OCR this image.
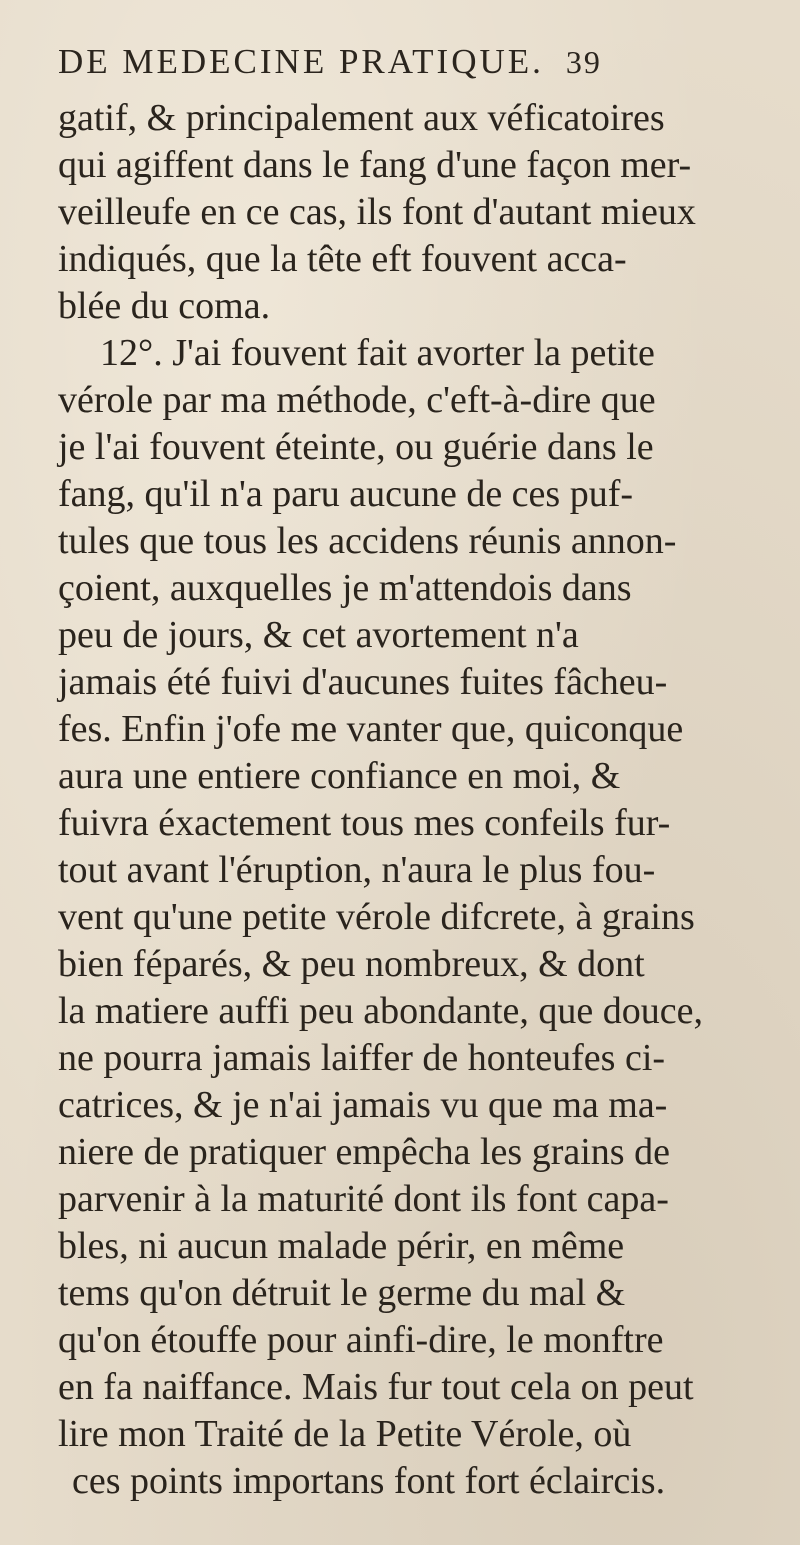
DE MEDECINE PRATIQUE. 39
gatif, & principalement aux véficatoires
qui agiffent dans le fang d'une façon mer-
veilleufe en ce cas, ils font d'autant mieux
indiqués, que la tête eft fouvent acca-
blée du coma.
12°. J'ai fouvent fait avorter la petite
vérole par ma méthode, c'eft-à-dire que
je l'ai fouvent éteinte, ou guérie dans le
fang, qu'il n'a paru aucune de ces puf-
tules que tous les accidens réunis annon-
çoient, auxquelles je m'attendois dans
peu de jours, & cet avortement n'a
jamais été fuivi d'aucunes fuites fâcheu-
fes. Enfin j'ofe me vanter que, quiconque
aura une entiere confiance en moi, &
fuivra éxactement tous mes confeils fur-
tout avant l'éruption, n'aura le plus fou-
vent qu'une petite vérole difcrete, à grains
bien féparés, & peu nombreux, & dont
la matiere auffi peu abondante, que douce,
ne pourra jamais laiffer de honteufes ci-
catrices, & je n'ai jamais vu que ma ma-
niere de pratiquer empêcha les grains de
parvenir à la maturité dont ils font capa-
bles, ni aucun malade périr, en même
tems qu'on détruit le germe du mal &
qu'on étouffe pour ainfi-dire, le monftre
en fa naiffance. Mais fur tout cela on peut
lire mon Traité de la Petite Vérole, où
ces points importans font fort éclaircis.
